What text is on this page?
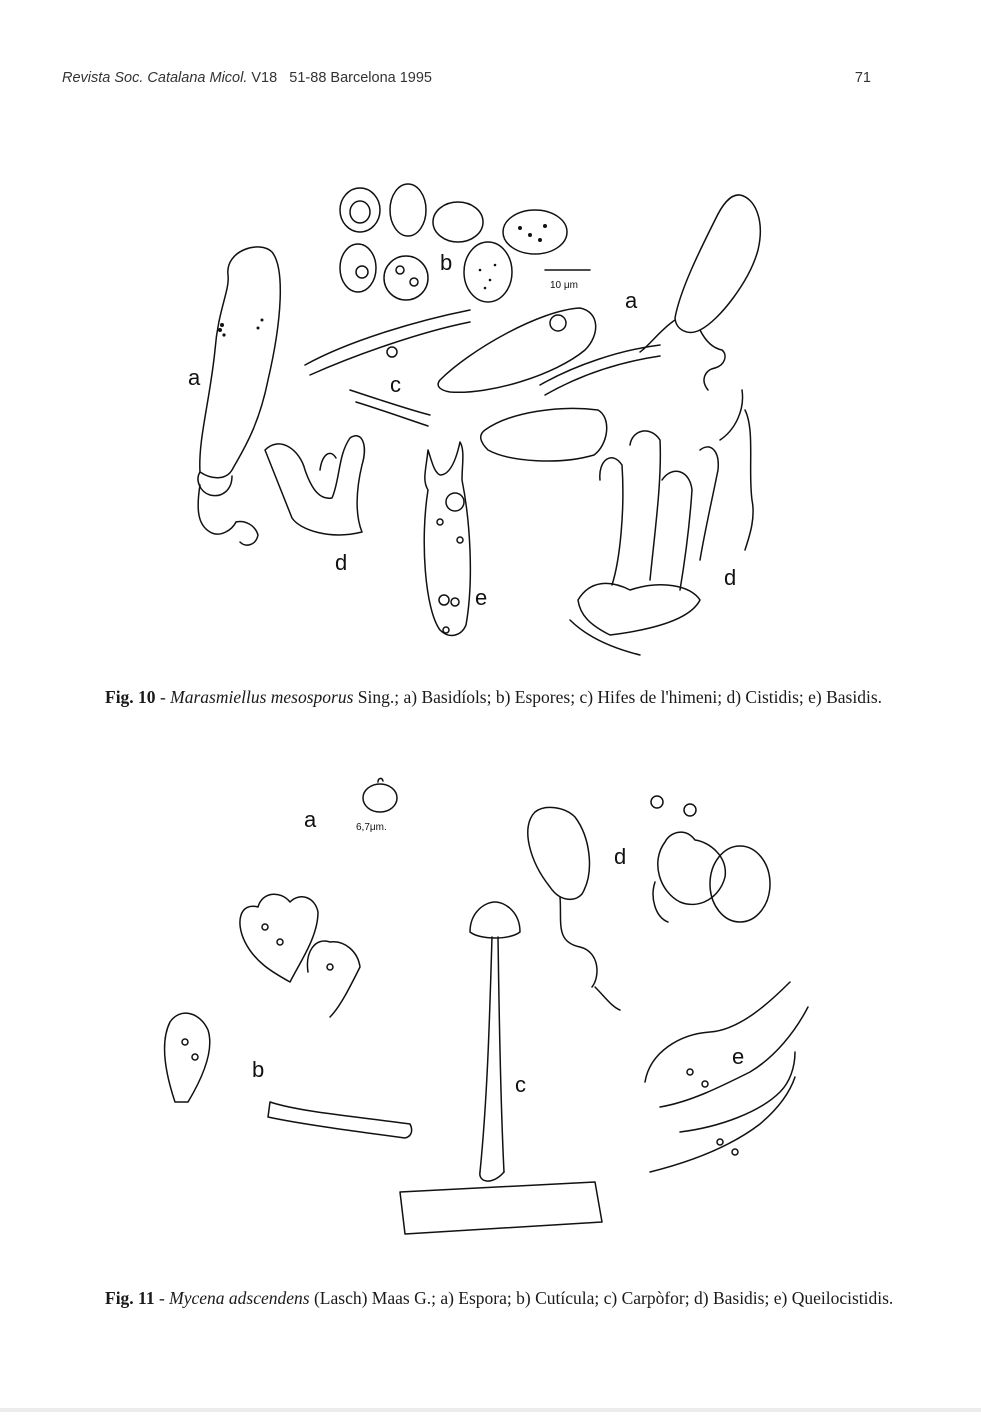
Revista Soc. Catalana Micol. V18 51-88 Barcelona 1995	71
10 μm
c
a
a
b
d
e
d
Fig. 10 - Marasmiellus mesosporus Sing.; a) Basidíols; b) Espores; c) Hifes de l'himeni; d) Cistidis; e) Basidis.
6,7μm.
a
b
c
d
e
Fig. 11 - Mycena adscendens (Lasch) Maas G.; a) Espora; b) Cutícula; c) Carpòfor; d) Basidis; e) Queilocistidis.
